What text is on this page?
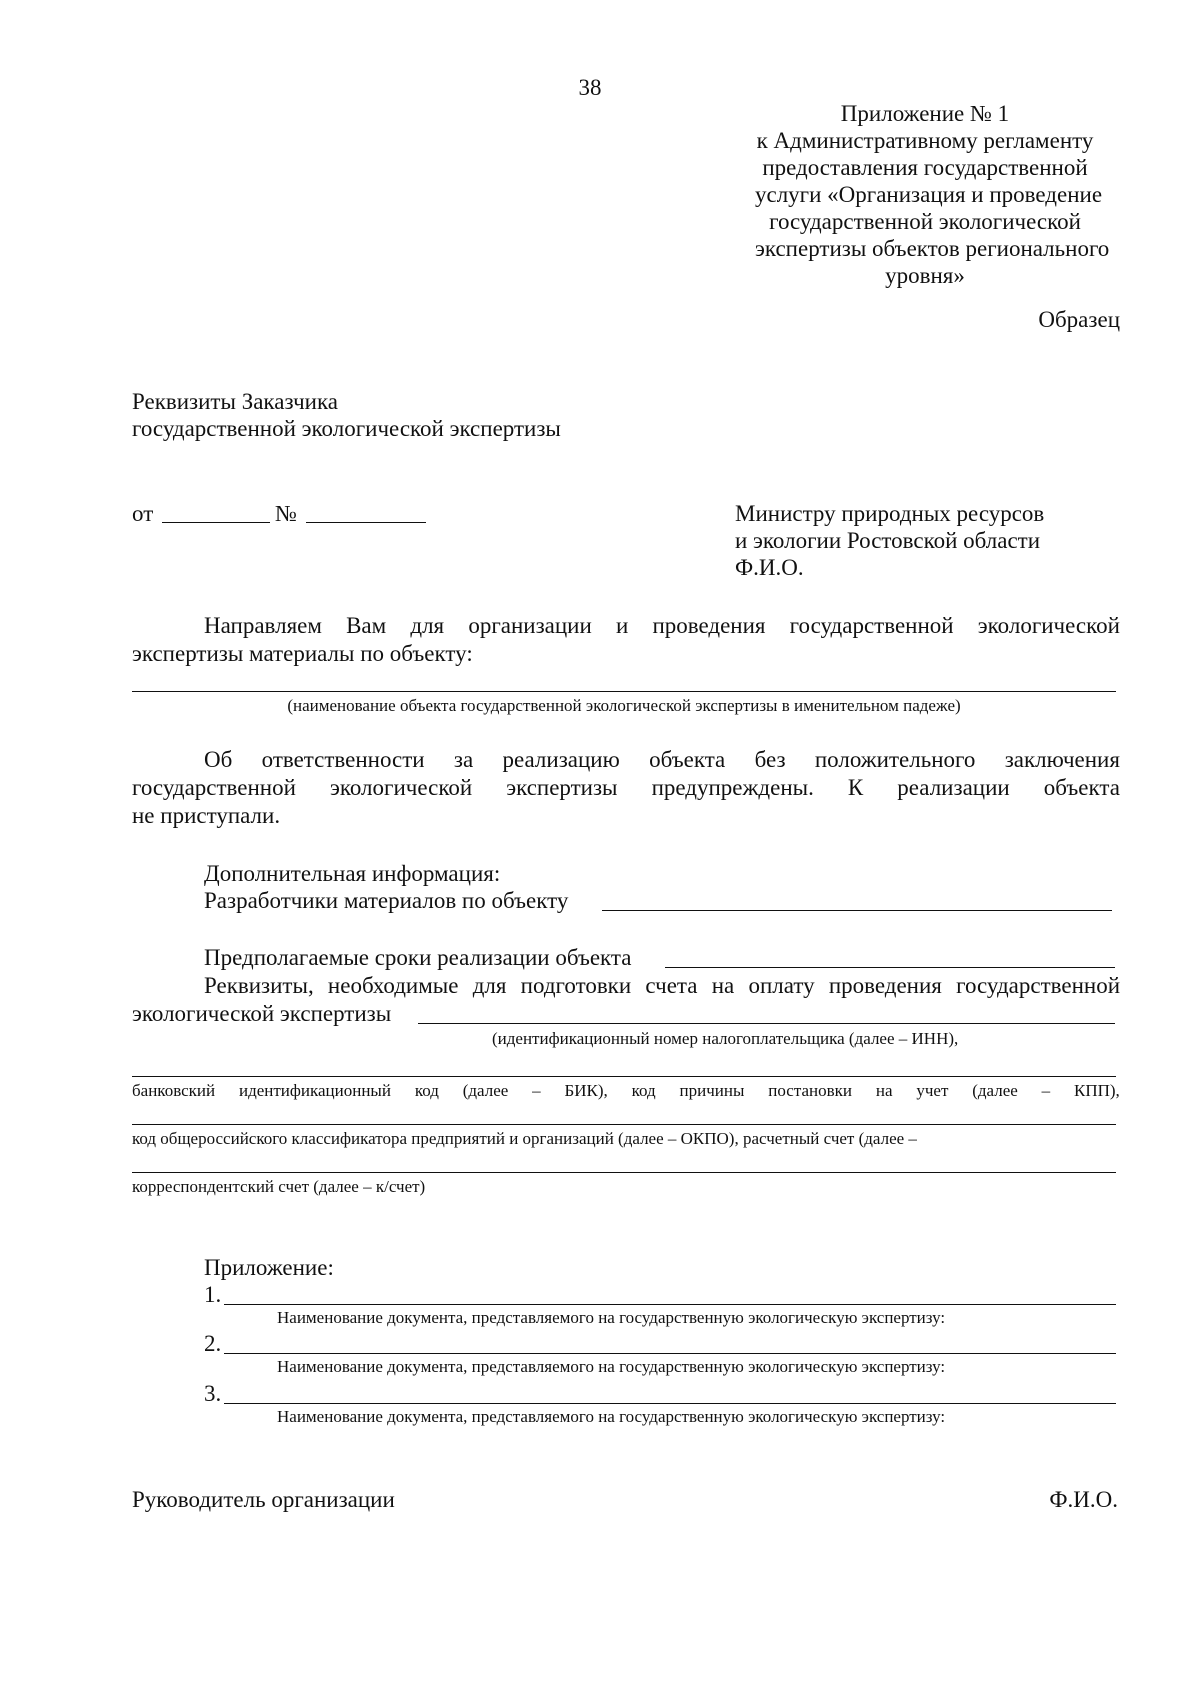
38
Приложение № 1
к Административному регламенту
предоставления государственной
услуги «Организация и проведение
государственной экологической
экспертизы объектов регионального
уровня»
Образец
Реквизиты Заказчика
государственной экологической экспертизы
от	№	Министру природных ресурсов
и экологии Ростовской области
Ф.И.О.
Направляем Вам для организации и проведения государственной экологической
экспертизы материалы по объекту:
(наименование объекта государственной экологической экспертизы в именительном падеже)
Об ответственности за реализацию объекта без положительного заключения
государственной экологической экспертизы предупреждены. К реализации объекта
не приступали.
Дополнительная информация:
Разработчики материалов по объекту
Предполагаемые сроки реализации объекта
Реквизиты, необходимые для подготовки счета на оплату проведения государственной
экологической экспертизы
(идентификационный номер налогоплательщика (далее – ИНН),
банковский идентификационный код (далее – БИК), код причины постановки на учет (далее – КПП),
код общероссийского классификатора предприятий и организаций (далее – ОКПО), расчетный счет (далее –
корреспондентский счет (далее – к/счет)
Приложение:
1.
Наименование документа, представляемого на государственную экологическую экспертизу:
2.
Наименование документа, представляемого на государственную экологическую экспертизу:
3.
Наименование документа, представляемого на государственную экологическую экспертизу:
Руководитель организации	Ф.И.О.
